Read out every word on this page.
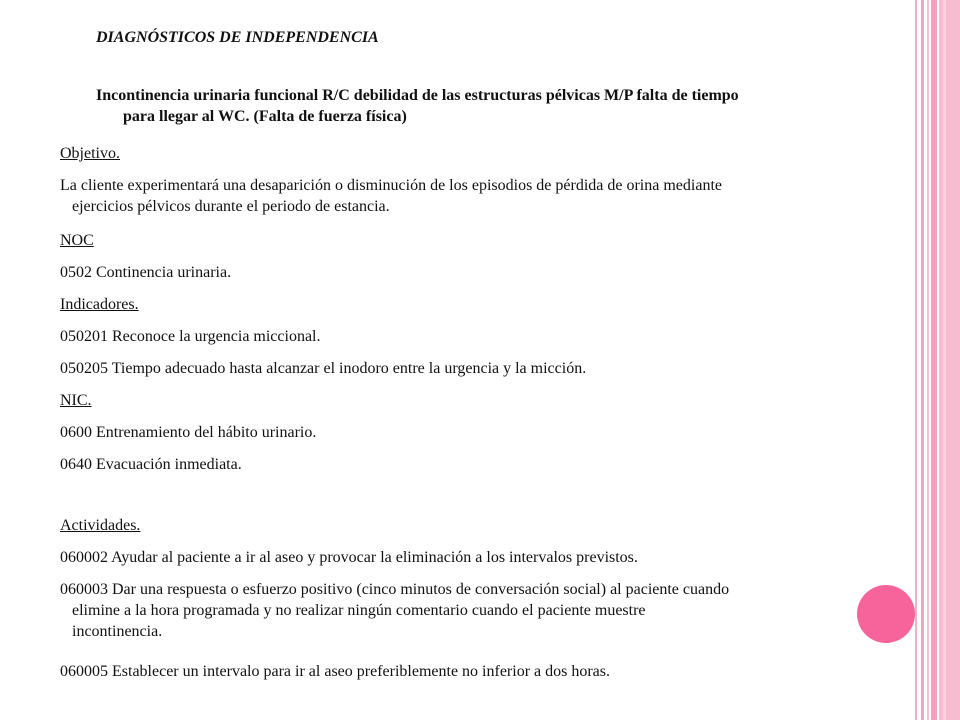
DIAGNÓSTICOS DE INDEPENDENCIA
Incontinencia urinaria funcional R/C debilidad de las estructuras pélvicas M/P falta de tiempo
para llegar al WC. (Falta de fuerza física)
Objetivo.
La cliente experimentará una desaparición o disminución de los episodios de pérdida de orina mediante
ejercicios pélvicos durante el periodo de estancia.
NOC
0502 Continencia urinaria.
Indicadores.
050201 Reconoce la urgencia miccional.
050205 Tiempo adecuado hasta alcanzar el inodoro entre la urgencia y la micción.
NIC.
0600 Entrenamiento del hábito urinario.
0640 Evacuación inmediata.
Actividades.
060002 Ayudar al paciente a ir al aseo y provocar la eliminación a los intervalos previstos.
060003 Dar una respuesta o esfuerzo positivo (cinco minutos de conversación social) al paciente cuando
elimine a la hora programada y no realizar ningún comentario cuando el paciente muestre
incontinencia.
060005 Establecer un intervalo para ir al aseo preferiblemente no inferior a dos horas.
